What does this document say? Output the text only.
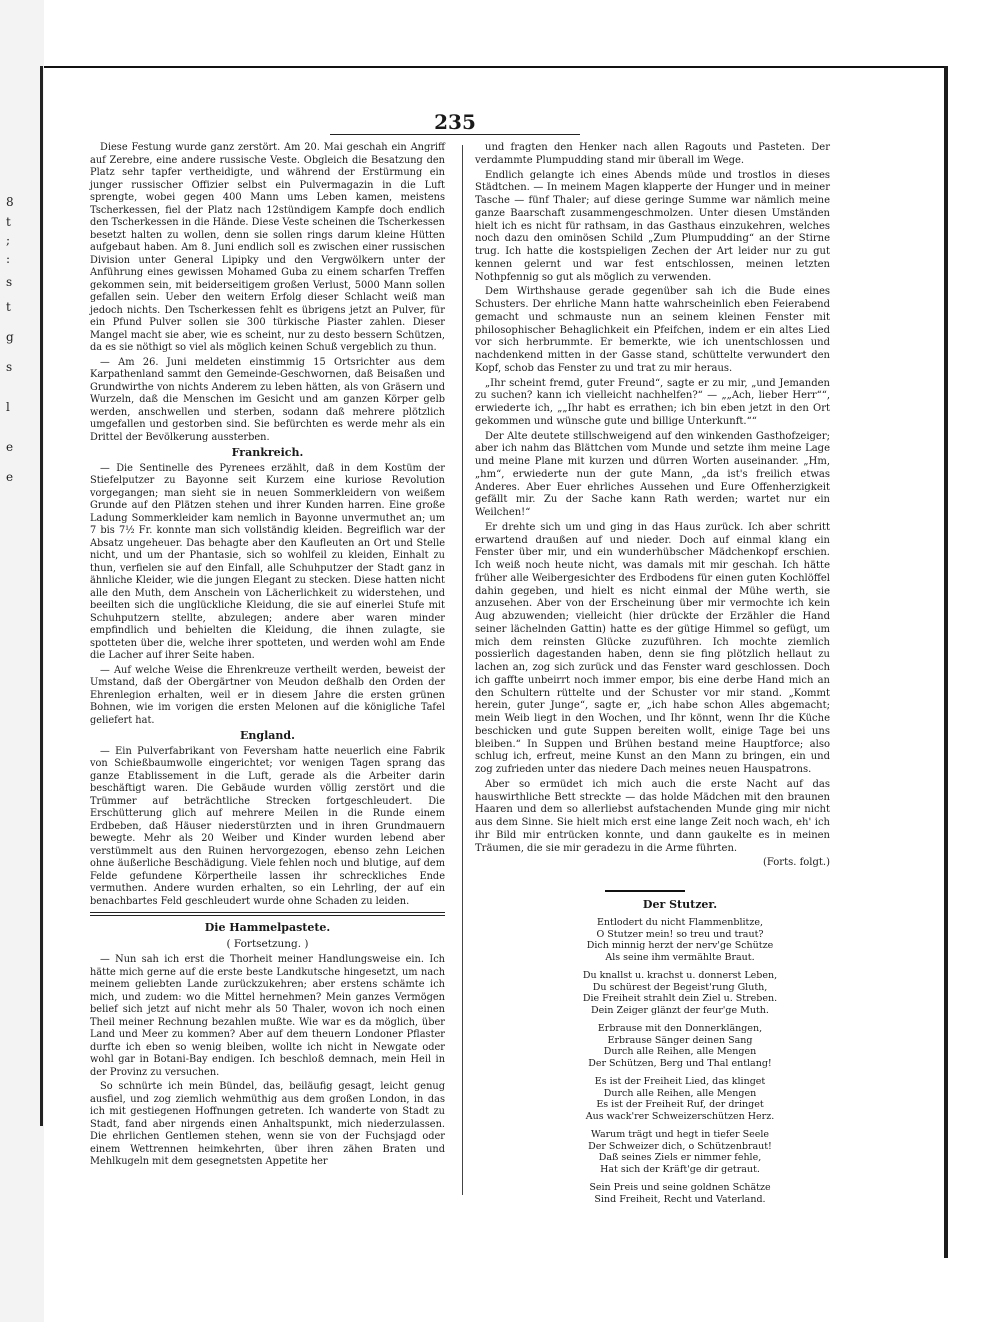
8
t
;
:
s
t
g
s
l
e
e
235

Diese Festung wurde ganz zerstört. Am 20. Mai geschah ein Angriff auf Zerebre, eine andere russische Veste. Obgleich die Besatzung den Platz sehr tapfer vertheidigte, und während der Erstürmung ein junger russischer Offizier selbst ein Pulvermagazin in die Luft sprengte, wobei gegen 400 Mann ums Leben kamen, meistens Tscherkessen, fiel der Platz nach 12stündigem Kampfe doch endlich den Tscherkessen in die Hände. Diese Veste scheinen die Tscherkessen besetzt halten zu wollen, denn sie sollen rings darum kleine Hütten aufgebaut haben. Am 8. Juni endlich soll es zwischen einer russischen Division unter General Lipipky und den Vergwölkern unter der Anführung eines gewissen Mohamed Guba zu einem scharfen Treffen gekommen sein, mit beiderseitigem großen Verlust, 5000 Mann sollen gefallen sein. Ueber den weitern Erfolg dieser Schlacht weiß man jedoch nichts. Den Tscherkessen fehlt es übrigens jetzt an Pulver, für ein Pfund Pulver sollen sie 300 türkische Piaster zahlen. Dieser Mangel macht sie aber, wie es scheint, nur zu desto bessern Schützen, da es sie nöthigt so viel als möglich keinen Schuß vergeblich zu thun.

— Am 26. Juni meldeten einstimmig 15 Ortsrichter aus dem Karpathenland sammt den Gemeinde-Geschwornen, daß Beisaßen und Grundwirthe von nichts Anderem zu leben hätten, als von Gräsern und Wurzeln, daß die Menschen im Gesicht und am ganzen Körper gelb werden, anschwellen und sterben, sodann daß mehrere plötzlich umgefallen und gestorben sind. Sie befürchten es werde mehr als ein Drittel der Bevölkerung aussterben.

Frankreich.

— Die Sentinelle des Pyrenees erzählt, daß in dem Kostüm der Stiefelputzer zu Bayonne seit Kurzem eine kuriose Revolution vorgegangen; man sieht sie in neuen Sommerkleidern von weißem Grunde auf den Plätzen stehen und ihrer Kunden harren. Eine große Ladung Sommerkleider kam nemlich in Bayonne unvermuthet an; um 7 bis 7½ Fr. konnte man sich vollständig kleiden. Begreiflich war der Absatz ungeheuer. Das behagte aber den Kaufleuten an Ort und Stelle nicht, und um der Phantasie, sich so wohlfeil zu kleiden, Einhalt zu thun, verfielen sie auf den Einfall, alle Schuhputzer der Stadt ganz in ähnliche Kleider, wie die jungen Elegant zu stecken. Diese hatten nicht alle den Muth, dem Anschein von Lächerlichkeit zu widerstehen, und beeilten sich die unglückliche Kleidung, die sie auf einerlei Stufe mit Schuhputzern stellte, abzulegen; andere aber waren minder empfindlich und behielten die Kleidung, die ihnen zulagte, sie spotteten über die, welche ihrer spotteten, und werden wohl am Ende die Lacher auf ihrer Seite haben.

— Auf welche Weise die Ehrenkreuze vertheilt werden, beweist der Umstand, daß der Obergärtner von Meudon deßhalb den Orden der Ehrenlegion erhalten, weil er in diesem Jahre die ersten grünen Bohnen, wie im vorigen die ersten Melonen auf die königliche Tafel geliefert hat.

England.

— Ein Pulverfabrikant von Feversham hatte neuerlich eine Fabrik von Schießbaumwolle eingerichtet; vor wenigen Tagen sprang das ganze Etablissement in die Luft, gerade als die Arbeiter darin beschäftigt waren. Die Gebäude wurden völlig zerstört und die Trümmer auf beträchtliche Strecken fortgeschleudert. Die Erschütterung glich auf mehrere Meilen in die Runde einem Erdbeben, daß Häuser niederstürzten und in ihren Grundmauern bewegte. Mehr als 20 Weiber und Kinder wurden lebend aber verstümmelt aus den Ruinen hervorgezogen, ebenso zehn Leichen ohne äußerliche Beschädigung. Viele fehlen noch und blutige, auf dem Felde gefundene Körpertheile lassen ihr schreckliches Ende vermuthen. Andere wurden erhalten, so ein Lehrling, der auf ein benachbartes Feld geschleudert wurde ohne Schaden zu leiden.

Die Hammelpastete.
( Fortsetzung. )

— Nun sah ich erst die Thorheit meiner Handlungsweise ein. Ich hätte mich gerne auf die erste beste Landkutsche hingesetzt, um nach meinem geliebten Lande zurückzukehren; aber erstens schämte ich mich, und zudem: wo die Mittel hernehmen? Mein ganzes Vermögen belief sich jetzt auf nicht mehr als 50 Thaler, wovon ich noch einen Theil meiner Rechnung bezahlen mußte. Wie war es da möglich, über Land und Meer zu kommen? Aber auf dem theuern Londoner Pflaster durfte ich eben so wenig bleiben, wollte ich nicht in Newgate oder wohl gar in Botani-Bay endigen. Ich beschloß demnach, mein Heil in der Provinz zu versuchen.

So schnürte ich mein Bündel, das, beiläufig gesagt, leicht genug ausfiel, und zog ziemlich wehmüthig aus dem großen London, in das ich mit gestiegenen Hoffnungen getreten. Ich wanderte von Stadt zu Stadt, fand aber nirgends einen Anhaltspunkt, mich niederzulassen. Die ehrlichen Gentlemen stehen, wenn sie von der Fuchsjagd oder einem Wettrennen heimkehrten, über ihren zähen Braten und Mehlkugeln mit dem gesegnetsten Appetite her

und fragten den Henker nach allen Ragouts und Pasteten. Der verdammte Plumpudding stand mir überall im Wege.

Endlich gelangte ich eines Abends müde und trostlos in dieses Städtchen. — In meinem Magen klapperte der Hunger und in meiner Tasche — fünf Thaler; auf diese geringe Summe war nämlich meine ganze Baarschaft zusammengeschmolzen. Unter diesen Umständen hielt ich es nicht für rathsam, in das Gasthaus einzukehren, welches noch dazu den ominösen Schild „Zum Plumpudding“ an der Stirne trug. Ich hatte die kostspieligen Zechen der Art leider nur zu gut kennen gelernt und war fest entschlossen, meinen letzten Nothpfennig so gut als möglich zu verwenden.

Dem Wirthshause gerade gegenüber sah ich die Bude eines Schusters. Der ehrliche Mann hatte wahrscheinlich eben Feierabend gemacht und schmauste nun an seinem kleinen Fenster mit philosophischer Behaglichkeit ein Pfeifchen, indem er ein altes Lied vor sich herbrummte. Er bemerkte, wie ich unentschlossen und nachdenkend mitten in der Gasse stand, schüttelte verwundert den Kopf, schob das Fenster zu und trat zu mir heraus.

„Ihr scheint fremd, guter Freund“, sagte er zu mir, „und Jemanden zu suchen? kann ich vielleicht nachhelfen?“ — „„Ach, lieber Herr““, erwiederte ich, „„Ihr habt es errathen; ich bin eben jetzt in den Ort gekommen und wünsche gute und billige Unterkunft.““

Der Alte deutete stillschweigend auf den winkenden Gasthofzeiger; aber ich nahm das Blättchen vom Munde und setzte ihm meine Lage und meine Plane mit kurzen und dürren Worten auseinander. „Hm, „hm“, erwiederte nun der gute Mann, „da ist's freilich etwas Anderes. Aber Euer ehrliches Aussehen und Eure Offenherzigkeit gefällt mir. Zu der Sache kann Rath werden; wartet nur ein Weilchen!“

Er drehte sich um und ging in das Haus zurück. Ich aber schritt erwartend draußen auf und nieder. Doch auf einmal klang ein Fenster über mir, und ein wunderhübscher Mädchenkopf erschien. Ich weiß noch heute nicht, was damals mit mir geschah. Ich hätte früher alle Weibergesichter des Erdbodens für einen guten Kochlöffel dahin gegeben, und hielt es nicht einmal der Mühe werth, sie anzusehen. Aber von der Erscheinung über mir vermochte ich kein Aug abzuwenden; vielleicht (hier drückte der Erzähler die Hand seiner lächelnden Gattin) hatte es der gütige Himmel so gefügt, um mich dem reinsten Glücke zuzuführen. Ich mochte ziemlich possierlich dagestanden haben, denn sie fing plötzlich hellaut zu lachen an, zog sich zurück und das Fenster ward geschlossen. Doch ich gaffte unbeirrt noch immer empor, bis eine derbe Hand mich an den Schultern rüttelte und der Schuster vor mir stand. „Kommt herein, guter Junge“, sagte er, „ich habe schon Alles abgemacht; mein Weib liegt in den Wochen, und Ihr könnt, wenn Ihr die Küche beschicken und gute Suppen bereiten wollt, einige Tage bei uns bleiben.“ In Suppen und Brühen bestand meine Hauptforce; also schlug ich, erfreut, meine Kunst an den Mann zu bringen, ein und zog zufrieden unter das niedere Dach meines neuen Hauspatrons.

Aber so ermüdet ich mich auch die erste Nacht auf das hauswirthliche Bett streckte — das holde Mädchen mit den braunen Haaren und dem so allerliebst aufstachenden Munde ging mir nicht aus dem Sinne. Sie hielt mich erst eine lange Zeit noch wach, eh' ich ihr Bild mir entrücken konnte, und dann gaukelte es in meinen Träumen, die sie mir geradezu in die Arme führten.

(Forts. folgt.)

Der Stutzer.
Entlodert du nicht Flammenblitze,
O Stutzer mein! so treu und traut?
Dich minnig herzt der nerv'ge Schütze
Als seine ihm vermählte Braut.
Du knallst u. krachst u. donnerst Leben,
Du schürest der Begeist'rung Gluth,
Die Freiheit strahlt dein Ziel u. Streben.
Dein Zeiger glänzt der feur'ge Muth.
Erbrause mit den Donnerklängen,
Erbrause Sänger deinen Sang
Durch alle Reihen, alle Mengen
Der Schützen, Berg und Thal entlang!
Es ist der Freiheit Lied, das klinget
Durch alle Reihen, alle Mengen
Es ist der Freiheit Ruf, der dringet
Aus wack'rer Schweizerschützen Herz.
Warum trägt und hegt in tiefer Seele
Der Schweizer dich, o Schützenbraut!
Daß seines Ziels er nimmer fehle,
Hat sich der Kräft'ge dir getraut.
Sein Preis und seine goldnen Schätze
Sind Freiheit, Recht und Vaterland.
